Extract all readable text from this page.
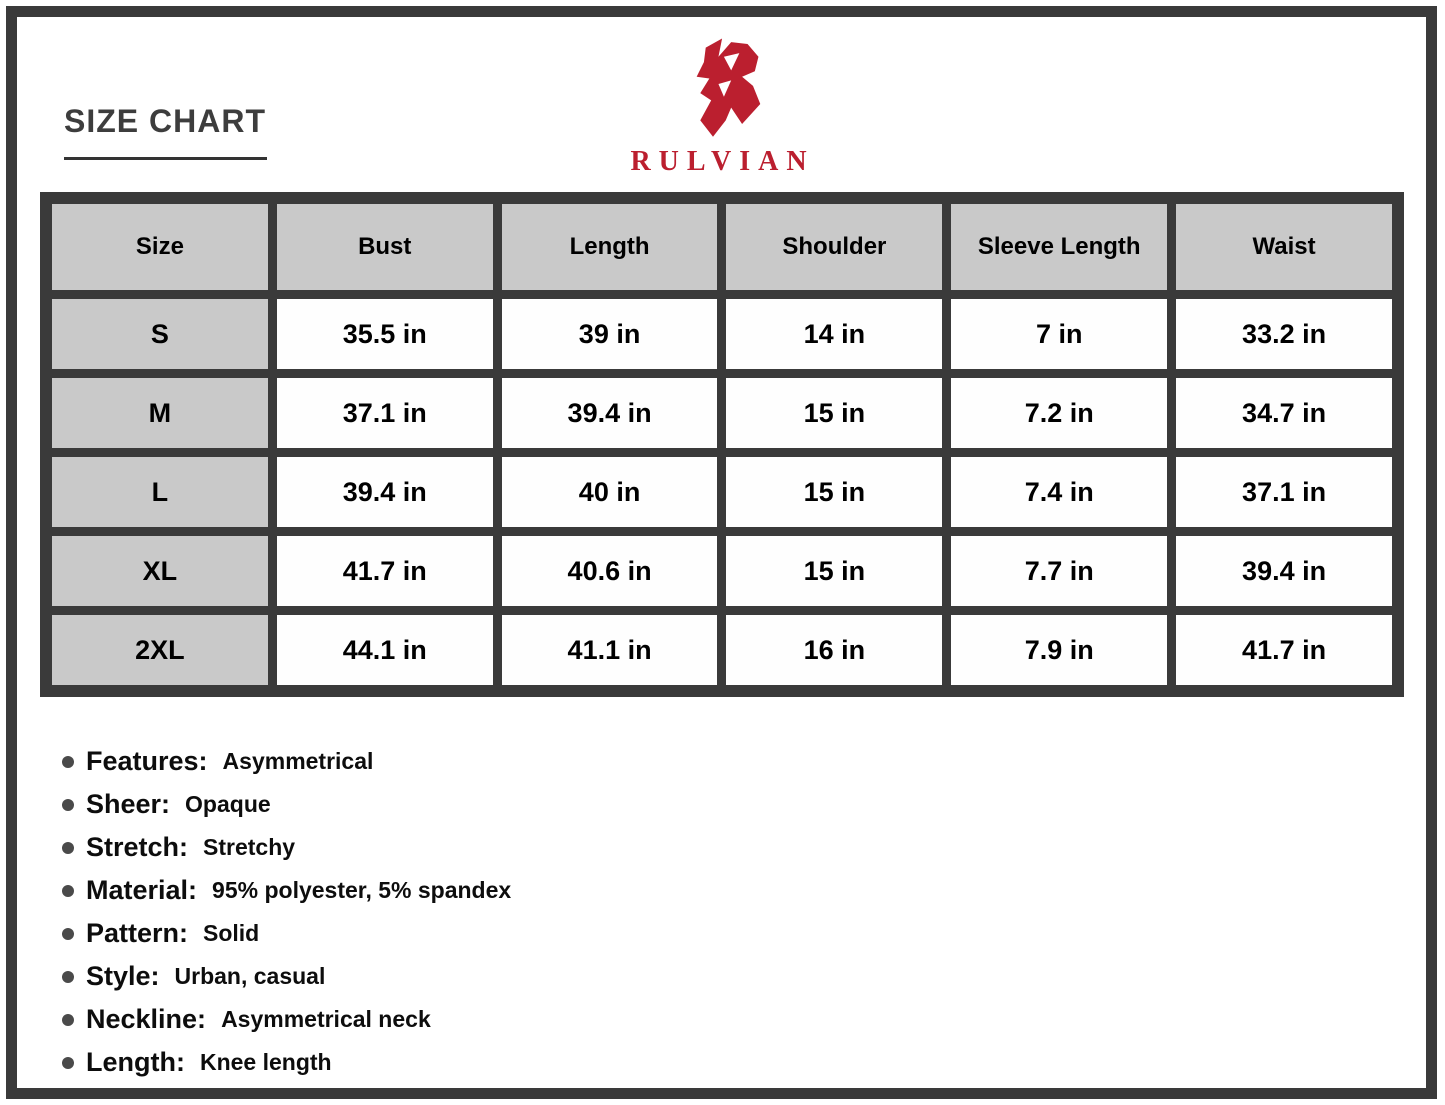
SIZE CHART
RULVIAN
Size	Bust	Length	Shoulder	Sleeve Length	Waist
S	35.5 in	39 in	14 in	7 in	33.2 in
M	37.1 in	39.4 in	15 in	7.2 in	34.7 in
L	39.4 in	40 in	15 in	7.4 in	37.1 in
XL	41.7 in	40.6 in	15 in	7.7 in	39.4 in
2XL	44.1 in	41.1 in	16 in	7.9 in	41.7 in
Features: Asymmetrical
Sheer: Opaque
Stretch: Stretchy
Material: 95% polyester, 5% spandex
Pattern: Solid
Style: Urban, casual
Neckline: Asymmetrical neck
Length: Knee length
